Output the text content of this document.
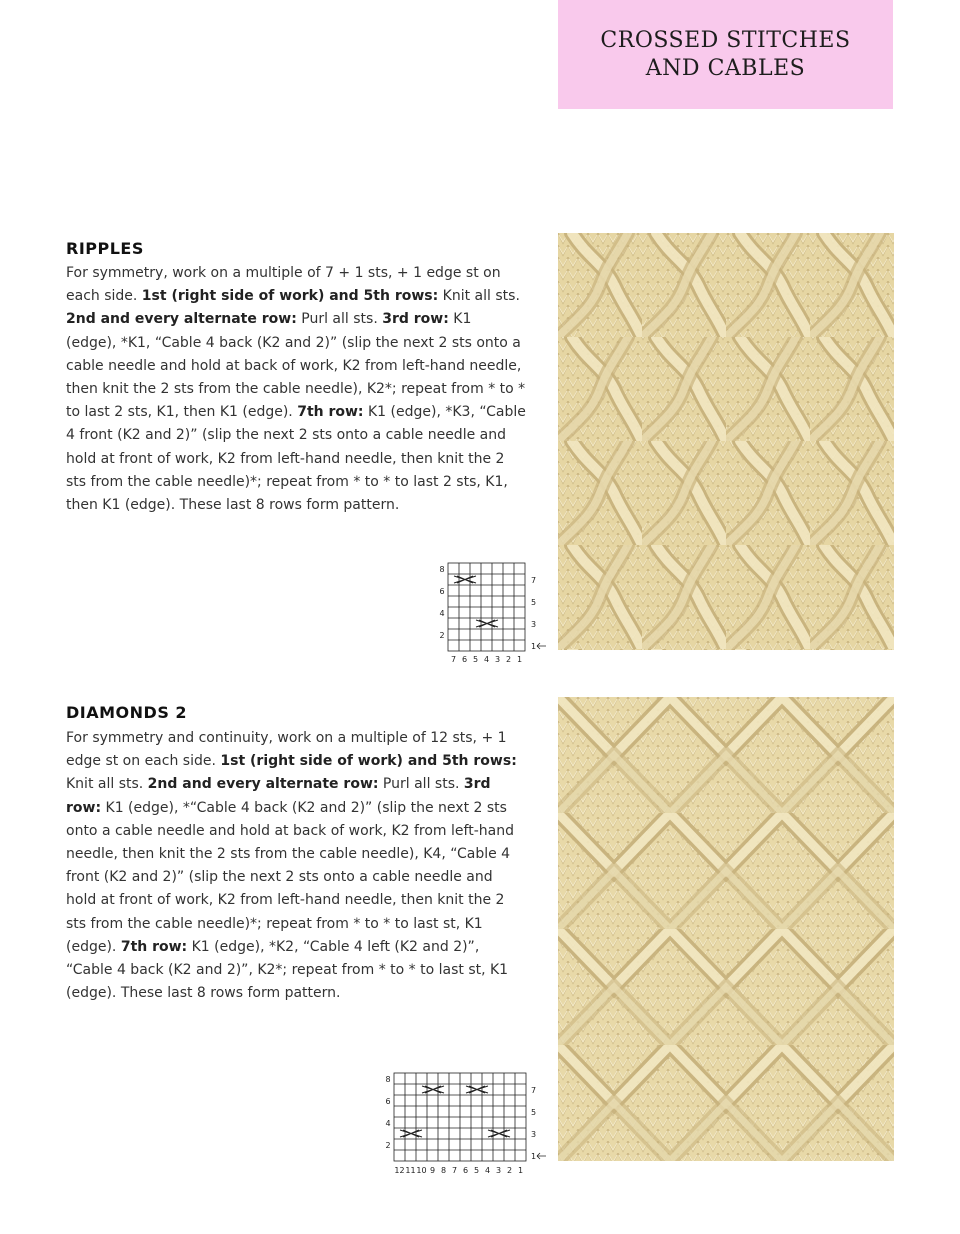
CROSSED STITCHES
AND CABLES
RIPPLES
For symmetry, work on a multiple of 7 + 1 sts, + 1 edge st on each side. 1st (right side of work) and 5th rows: Knit all sts. 2nd and every alternate row: Purl all sts. 3rd row: K1 (edge), *K1, “Cable 4 back (K2 and 2)” (slip the next 2 sts onto a cable needle and hold at back of work, K2 from left-hand needle, then knit the 2 sts from the cable needle), K2*; repeat from * to * to last 2 sts, K1, then K1 (edge). 7th row: K1 (edge), *K3, “Cable 4 front (K2 and 2)” (slip the next 2 sts onto a cable needle and hold at front of work, K2 from left-hand needle, then knit the 2 sts from the cable needle)*; repeat from * to * to last 2 sts, K1, then K1 (edge). These last 8 rows form pattern.
8
6
4
2
7
5
3
1
7 6 5 4 3 2 1
DIAMONDS 2
For symmetry and continuity, work on a multiple of 12 sts, + 1 edge st on each side. 1st (right side of work) and 5th rows: Knit all sts. 2nd and every alternate row: Purl all sts. 3rd row: K1 (edge), *“Cable 4 back (K2 and 2)” (slip the next 2 sts onto a cable needle and hold at back of work, K2 from left-hand needle, then knit the 2 sts from the cable needle), K4, “Cable 4 front (K2 and 2)” (slip the next 2 sts onto a cable needle and hold at front of work, K2 from left-hand needle, then knit the 2 sts from the cable needle)*; repeat from * to * to last st, K1 (edge). 7th row: K1 (edge), *K2, “Cable 4 left (K2 and 2)”, “Cable 4 back (K2 and 2)”, K2*; repeat from * to * to last st, K1 (edge). These last 8 rows form pattern.
8
6
4
2
7
5
3
1
12 11 10 9 8 7 6 5 4 3 2 1
